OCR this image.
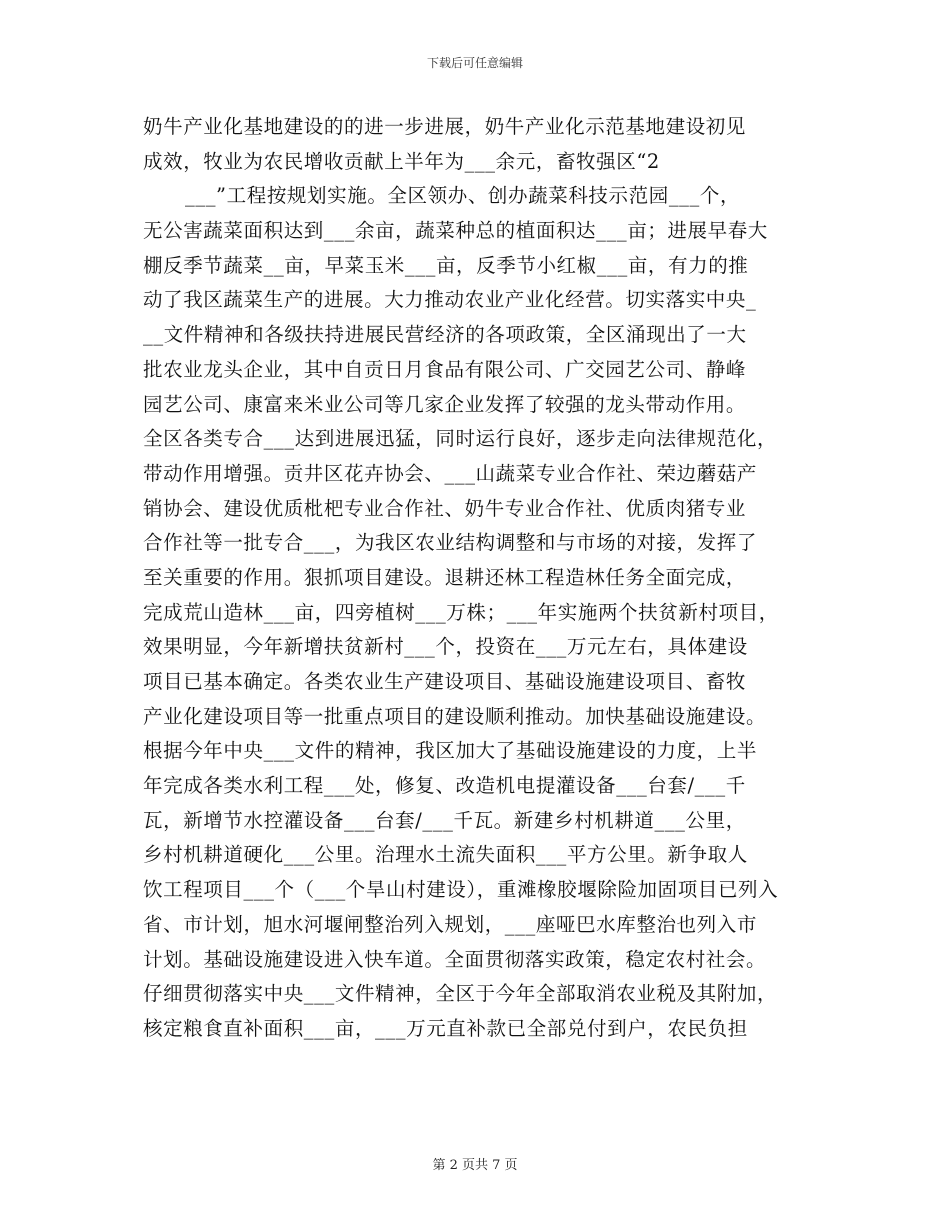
下载后可任意编辑
奶牛产业化基地建设的的进一步进展，奶牛产业化示范基地建设初见
成效，牧业为农民增收贡献上半年为___余元，畜牧强区“2
___”工程按规划实施。全区领办、创办蔬菜科技示范园___个，
无公害蔬菜面积达到___余亩，蔬菜种总的植面积达___亩；进展早春大
棚反季节蔬菜__亩，早菜玉米___亩，反季节小红椒___亩，有力的推
动了我区蔬菜生产的进展。大力推动农业产业化经营。切实落实中央_
__文件精神和各级扶持进展民营经济的各项政策，全区涌现出了一大
批农业龙头企业，其中自贡日月食品有限公司、广交园艺公司、静峰
园艺公司、康富来米业公司等几家企业发挥了较强的龙头带动作用。
全区各类专合___达到进展迅猛，同时运行良好，逐步走向法律规范化，
带动作用增强。贡井区花卉协会、___山蔬菜专业合作社、荣边蘑菇产
销协会、建设优质枇杷专业合作社、奶牛专业合作社、优质肉猪专业
合作社等一批专合___，为我区农业结构调整和与市场的对接，发挥了
至关重要的作用。狠抓项目建设。退耕还林工程造林任务全面完成，
完成荒山造林___亩，四旁植树___万株；___年实施两个扶贫新村项目，
效果明显，今年新增扶贫新村___个，投资在___万元左右，具体建设
项目已基本确定。各类农业生产建设项目、基础设施建设项目、畜牧
产业化建设项目等一批重点项目的建设顺利推动。加快基础设施建设。
根据今年中央___文件的精神，我区加大了基础设施建设的力度，上半
年完成各类水利工程___处，修复、改造机电提灌设备___台套/___千
瓦，新增节水控灌设备___台套/___千瓦。新建乡村机耕道___公里，
乡村机耕道硬化___公里。治理水土流失面积___平方公里。新争取人
饮工程项目___个（___个旱山村建设），重滩橡胶堰除险加固项目已列入
省、市计划，旭水河堰闸整治列入规划，___座哑巴水库整治也列入市
计划。基础设施建设进入快车道。全面贯彻落实政策，稳定农村社会。
仔细贯彻落实中央___文件精神，全区于今年全部取消农业税及其附加，
核定粮食直补面积___亩，___万元直补款已全部兑付到户，农民负担
第 2 页共 7 页
